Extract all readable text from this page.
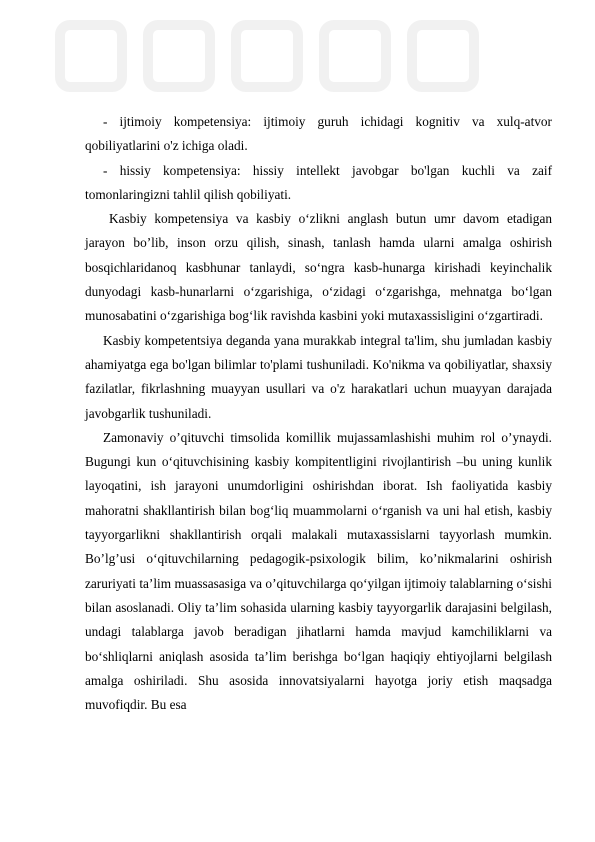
- ijtimoiy kompetensiya: ijtimoiy guruh ichidagi kognitiv va xulq-atvor qobiliyatlarini o'z ichiga oladi.

- hissiy kompetensiya: hissiy intellekt javobgar bo'lgan kuchli va zaif tomonlaringizni tahlil qilish qobiliyati.

Kasbiy kompetensiya va kasbiy o‘zlikni anglash butun umr davom etadigan jarayon bo’lib, inson orzu qilish, sinash, tanlash hamda ularni amalga oshirish bosqichlaridanoq kasbhunar tanlaydi, so‘ngra kasb-hunarga kirishadi keyinchalik dunyodagi kasb-hunarlarni o‘zgarishiga, o‘zidagi o‘zgarishga, mehnatga bo‘lgan munosabatini o‘zgarishiga bog‘lik ravishda kasbini yoki mutaxassisligini o‘zgartiradi.

Kasbiy kompetentsiya deganda yana murakkab integral ta'lim, shu jumladan kasbiy ahamiyatga ega bo'lgan bilimlar to'plami tushuniladi. Ko'nikma va qobiliyatlar, shaxsiy fazilatlar, fikrlashning muayyan usullari va o'z harakatlari uchun muayyan darajada javobgarlik tushuniladi.

Zamonaviy o’qituvchi timsolida komillik mujassamlashishi muhim rol o’ynaydi. Bugungi kun o‘qituvchisining kasbiy kompitentligini rivojlantirish –bu uning kunlik layoqatini, ish jarayoni unumdorligini oshirishdan iborat. Ish faoliyatida kasbiy mahoratni shakllantirish bilan bog‘liq muammolarni o‘rganish va uni hal etish, kasbiy tayyorgarlikni shakllantirish orqali malakali mutaxassislarni tayyorlash mumkin. Bo’lg’usi o‘qituvchilarning pedagogik-psixologik bilim, ko’nikmalarini oshirish zaruriyati ta’lim muassasasiga va o’qituvchilarga qo‘yilgan ijtimoiy talablarning o‘sishi bilan asoslanadi. Oliy ta’lim sohasida ularning kasbiy tayyorgarlik darajasini belgilash, undagi talablarga javob beradigan jihatlarni hamda mavjud kamchiliklarni va bo‘shliqlarni aniqlash asosida ta’lim berishga bo‘lgan haqiqiy ehtiyojlarni belgilash amalga oshiriladi. Shu asosida innovatsiyalarni hayotga joriy etish maqsadga muvofiqdir. Bu esa
